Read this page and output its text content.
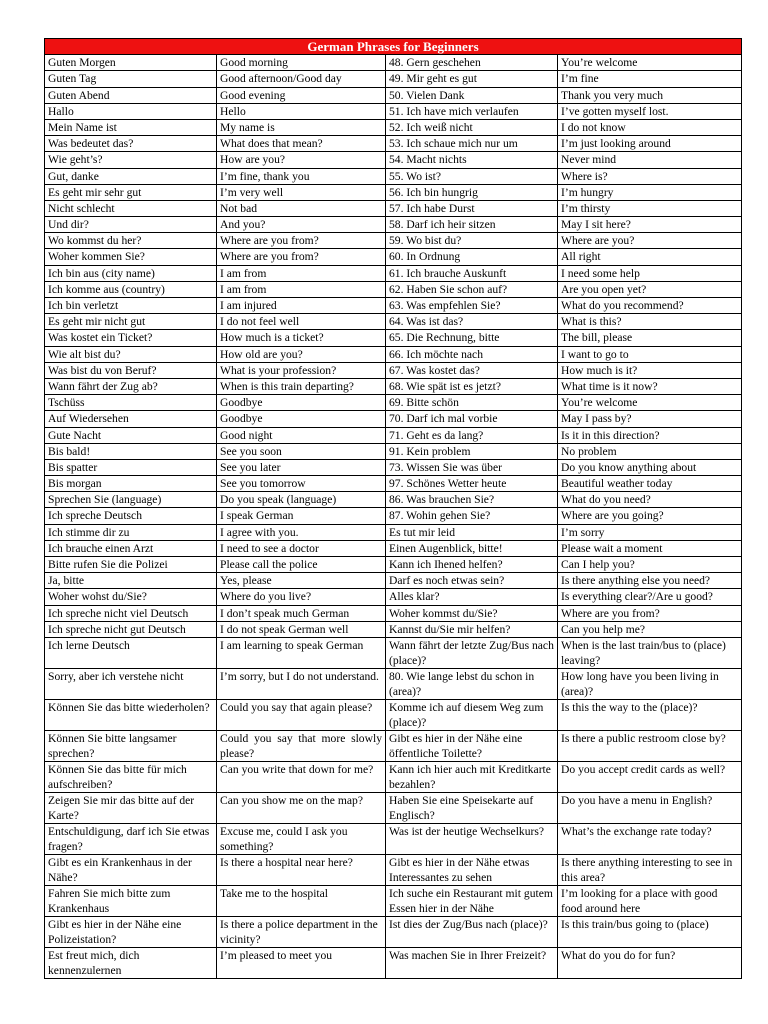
German Phrases for Beginners			
Guten Morgen	Good morning	48. Gern geschehen	You’re welcome
Guten Tag	Good afternoon/Good day	49. Mir geht es gut	I’m fine
Guten Abend	Good evening	50. Vielen Dank	Thank you very much
Hallo	Hello	51. Ich have mich verlaufen	I’ve gotten myself lost.
Mein Name ist	My name is	52. Ich weiß nicht	I do not know
Was bedeutet das?	What does that mean?	53. Ich schaue mich nur um	I’m just looking around
Wie geht’s?	How are you?	54. Macht nichts	Never mind
Gut, danke	I’m fine, thank you	55. Wo ist?	Where is?
Es geht mir sehr gut	I’m very well	56. Ich bin hungrig	I’m hungry
Nicht schlecht	Not bad	57. Ich habe Durst	I’m thirsty
Und dir?	And you?	58. Darf ich heir sitzen	May I sit here?
Wo kommst du her?	Where are you from?	59. Wo bist du?	Where are you?
Woher kommen Sie?	Where are you from?	60. In Ordnung	All right
Ich bin aus (city name)	I am from	61. Ich brauche Auskunft	I need some help
Ich komme aus (country)	I am from	62. Haben Sie schon auf?	Are you open yet?
Ich bin verletzt	I am injured	63. Was empfehlen Sie?	What do you recommend?
Es geht mir nicht gut	I do not feel well	64. Was ist das?	What is this?
Was kostet ein Ticket?	How much is a ticket?	65. Die Rechnung, bitte	The bill, please
Wie alt bist du?	How old are you?	66. Ich möchte nach	I want to go to
Was bist du von Beruf?	What is your profession?	67. Was kostet das?	How much is it?
Wann fährt der Zug ab?	When is this train departing?	68. Wie spät ist es jetzt?	What time is it now?
Tschüss	Goodbye	69. Bitte schön	You’re welcome
Auf Wiedersehen	Goodbye	70. Darf ich mal vorbie	May I pass by?
Gute Nacht	Good night	71. Geht es da lang?	Is it in this direction?
Bis bald!	See you soon	91. Kein problem	No problem
Bis spatter	See you later	73. Wissen Sie was über	Do you know anything about
Bis morgan	See you tomorrow	97. Schönes Wetter heute	Beautiful weather today
Sprechen Sie (language)	Do you speak (language)	86. Was brauchen Sie?	What do you need?
Ich spreche Deutsch	I speak German	87. Wohin gehen Sie?	Where are you going?
Ich stimme dir zu	I agree with you.	Es tut mir leid	I’m sorry
Ich brauche einen Arzt	I need to see a doctor	Einen Augenblick, bitte!	Please wait a moment
Bitte rufen Sie die Polizei	Please call the police	Kann ich Ihened helfen?	Can I help you?
Ja, bitte	Yes, please	Darf es noch etwas sein?	Is there anything else you need?
Woher wohst du/Sie?	Where do you live?	Alles klar?	Is everything clear?/Are u good?
Ich spreche nicht viel Deutsch	I don’t speak much German	Woher kommst du/Sie?	Where are you from?
Ich spreche nicht gut Deutsch	I do not speak German well	Kannst du/Sie mir helfen?	Can you help me?
Ich lerne Deutsch	I am learning to speak German	Wann fährt der letzte Zug/Bus nach (place)?	When is the last train/bus to (place) leaving?
Sorry, aber ich verstehe nicht	I’m sorry, but I do not understand.	80. Wie lange lebst du schon in (area)?	How long have you been living in (area)?
Können Sie das bitte wiederholen?	Could you say that again please?	Komme ich auf diesem Weg zum (place)?	Is this the way to the (place)?
Können Sie bitte langsamer sprechen?	Could you say that more slowly please?	Gibt es hier in der Nähe eine öffentliche Toilette?	Is there a public restroom close by?
Können Sie das bitte für mich aufschreiben?	Can you write that down for me?	Kann ich hier auch mit Kreditkarte bezahlen?	Do you accept credit cards as well?
Zeigen Sie mir das bitte auf der Karte?	Can you show me on the map?	Haben Sie eine Speisekarte auf Englisch?	Do you have a menu in English?
Entschuldigung, darf ich Sie etwas fragen?	Excuse me, could I ask you something?	Was ist der heutige Wechselkurs?	What’s the exchange rate today?
Gibt es ein Krankenhaus in der Nähe?	Is there a hospital near here?	Gibt es hier in der Nähe etwas Interessantes zu sehen	Is there anything interesting to see in this area?
Fahren Sie mich bitte zum Krankenhaus	Take me to the hospital	Ich suche ein Restaurant mit gutem Essen hier in der Nähe	I’m looking for a place with good food around here
Gibt es hier in der Nähe eine Polizeistation?	Is there a police department in the vicinity?	Ist dies der Zug/Bus nach (place)?	Is this train/bus going to (place)
Est freut mich, dich kennenzulernen	I’m pleased to meet you	Was machen Sie in Ihrer Freizeit?	What do you do for fun?
